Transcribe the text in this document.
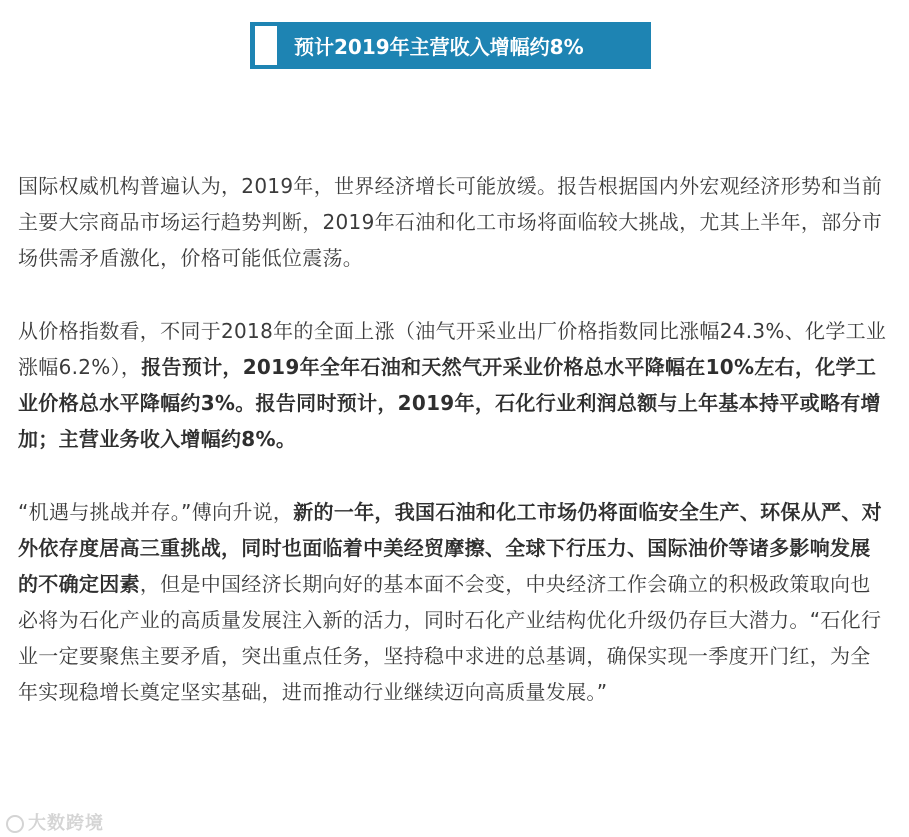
预计2019年主营收入增幅约8%

国际权威机构普遍认为，2019年，世界经济增长可能放缓。报告根据国内外宏观经济形势和当前主要大宗商品市场运行趋势判断，2019年石油和化工市场将面临较大挑战，尤其上半年，部分市场供需矛盾激化，价格可能低位震荡。

从价格指数看，不同于2018年的全面上涨（油气开采业出厂价格指数同比涨幅24.3%、化学工业涨幅6.2%），报告预计，2019年全年石油和天然气开采业价格总水平降幅在10%左右，化学工业价格总水平降幅约3%。报告同时预计，2019年，石化行业利润总额与上年基本持平或略有增加；主营业务收入增幅约8%。

“机遇与挑战并存。”傅向升说，新的一年，我国石油和化工市场仍将面临安全生产、环保从严、对外依存度居高三重挑战，同时也面临着中美经贸摩擦、全球下行压力、国际油价等诸多影响发展的不确定因素，但是中国经济长期向好的基本面不会变，中央经济工作会确立的积极政策取向也必将为石化产业的高质量发展注入新的活力，同时石化产业结构优化升级仍存巨大潜力。“石化行业一定要聚焦主要矛盾，突出重点任务，坚持稳中求进的总基调，确保实现一季度开门红，为全年实现稳增长奠定坚实基础，进而推动行业继续迈向高质量发展。”

大数跨境
